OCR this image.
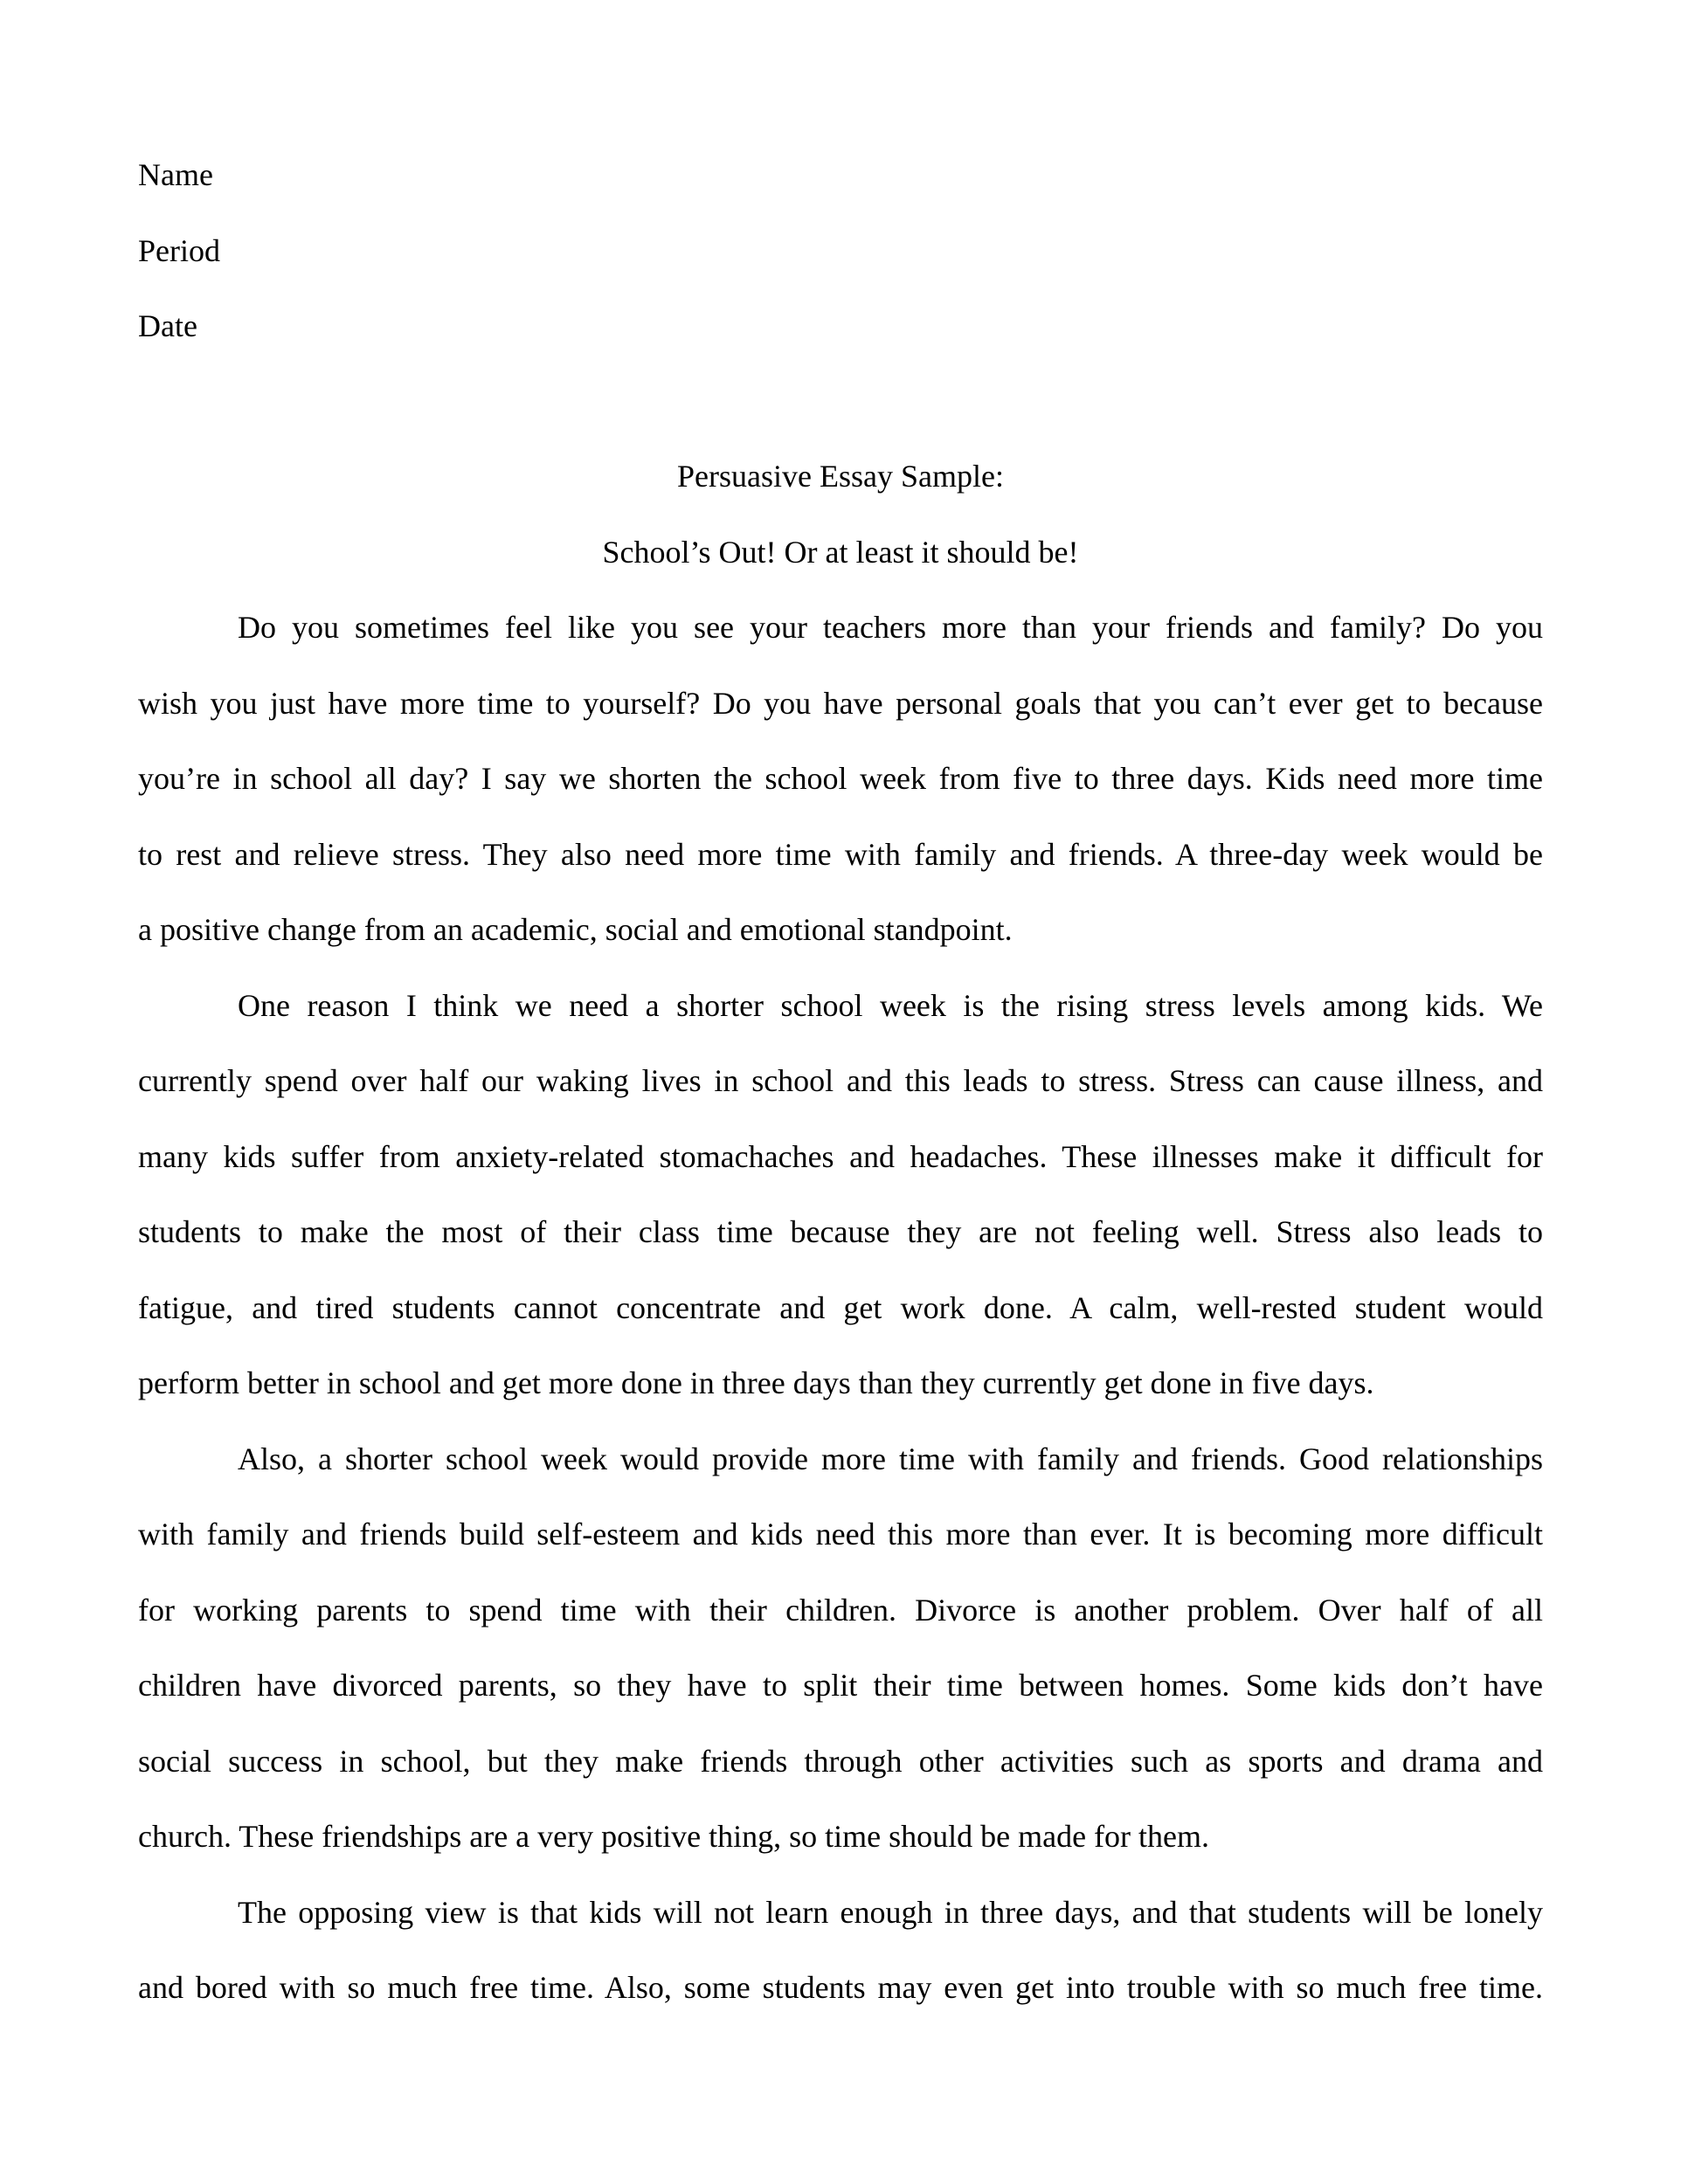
Name
Period
Date
Persuasive Essay Sample:
School’s Out! Or at least it should be!
Do you sometimes feel like you see your teachers more than your friends and family? Do you
wish you just have more time to yourself? Do you have personal goals that you can’t ever get to because
you’re in school all day? I say we shorten the school week from five to three days. Kids need more time
to rest and relieve stress. They also need more time with family and friends. A three-day week would be
a positive change from an academic, social and emotional standpoint.
One reason I think we need a shorter school week is the rising stress levels among kids. We
currently spend over half our waking lives in school and this leads to stress. Stress can cause illness, and
many kids suffer from anxiety-related stomachaches and headaches. These illnesses make it difficult for
students to make the most of their class time because they are not feeling well. Stress also leads to
fatigue, and tired students cannot concentrate and get work done. A calm, well-rested student would
perform better in school and get more done in three days than they currently get done in five days.
Also, a shorter school week would provide more time with family and friends. Good relationships
with family and friends build self-esteem and kids need this more than ever. It is becoming more difficult
for working parents to spend time with their children. Divorce is another problem. Over half of all
children have divorced parents, so they have to split their time between homes. Some kids don’t have
social success in school, but they make friends through other activities such as sports and drama and
church. These friendships are a very positive thing, so time should be made for them.
The opposing view is that kids will not learn enough in three days, and that students will be lonely
and bored with so much free time. Also, some students may even get into trouble with so much free time.
